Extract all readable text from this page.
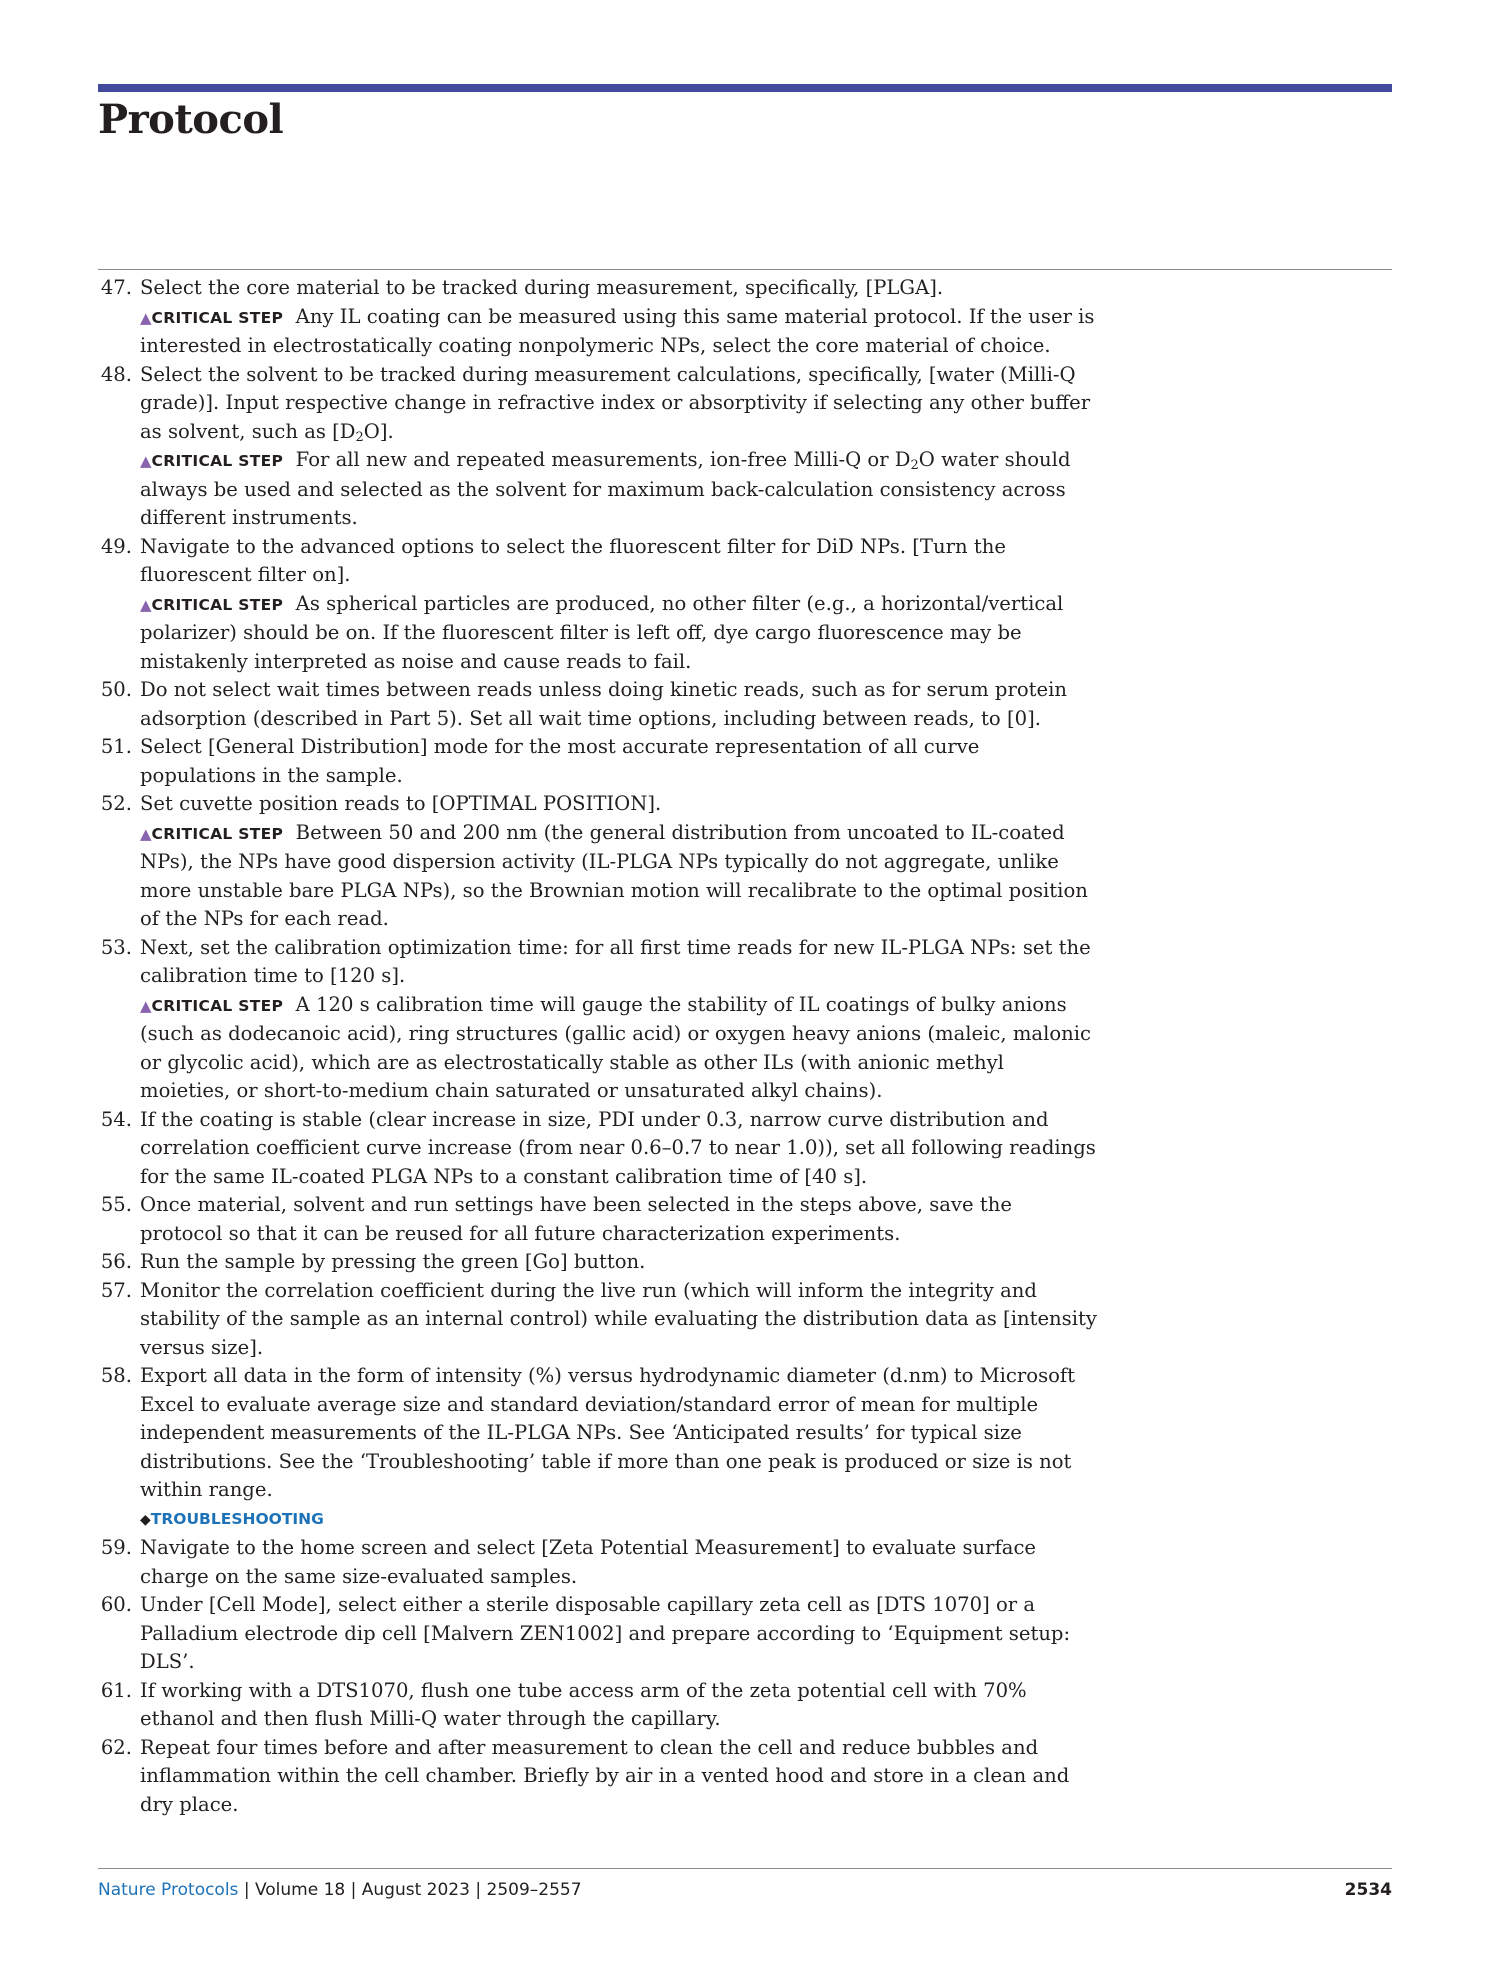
Protocol
47. Select the core material to be tracked during measurement, specifically, [PLGA].
▲CRITICAL STEP Any IL coating can be measured using this same material protocol. If the user is interested in electrostatically coating nonpolymeric NPs, select the core material of choice.
48. Select the solvent to be tracked during measurement calculations, specifically, [water (Milli-Q grade)]. Input respective change in refractive index or absorptivity if selecting any other buffer as solvent, such as $[D_2O]$.
▲CRITICAL STEP For all new and repeated measurements, ion-free Milli-Q or $D_2O$ water should always be used and selected as the solvent for maximum back-calculation consistency across different instruments.
49. Navigate to the advanced options to select the fluorescent filter for DiD NPs. [Turn the fluorescent filter on].
▲CRITICAL STEP As spherical particles are produced, no other filter (e.g., a horizontal/vertical polarizer) should be on. If the fluorescent filter is left off, dye cargo fluorescence may be mistakenly interpreted as noise and cause reads to fail.
50. Do not select wait times between reads unless doing kinetic reads, such as for serum protein adsorption (described in Part 5). Set all wait time options, including between reads, to [0].
51. Select [General Distribution] mode for the most accurate representation of all curve populations in the sample.
52. Set cuvette position reads to [OPTIMAL POSITION].
▲CRITICAL STEP Between 50 and 200 nm (the general distribution from uncoated to IL-coated NPs), the NPs have good dispersion activity (IL-PLGA NPs typically do not aggregate, unlike more unstable bare PLGA NPs), so the Brownian motion will recalibrate to the optimal position of the NPs for each read.
53. Next, set the calibration optimization time: for all first time reads for new IL-PLGA NPs: set the calibration time to [120 s].
▲CRITICAL STEP A 120 s calibration time will gauge the stability of IL coatings of bulky anions (such as dodecanoic acid), ring structures (gallic acid) or oxygen heavy anions (maleic, malonic or glycolic acid), which are as electrostatically stable as other ILs (with anionic methyl moieties, or short-to-medium chain saturated or unsaturated alkyl chains).
54. If the coating is stable (clear increase in size, PDI under 0.3, narrow curve distribution and correlation coefficient curve increase (from near 0.6–0.7 to near 1.0)), set all following readings for the same IL-coated PLGA NPs to a constant calibration time of [40 s].
55. Once material, solvent and run settings have been selected in the steps above, save the protocol so that it can be reused for all future characterization experiments.
56. Run the sample by pressing the green [Go] button.
57. Monitor the correlation coefficient during the live run (which will inform the integrity and stability of the sample as an internal control) while evaluating the distribution data as [intensity versus size].
58. Export all data in the form of intensity (%) versus hydrodynamic diameter (d.nm) to Microsoft Excel to evaluate average size and standard deviation/standard error of mean for multiple independent measurements of the IL-PLGA NPs. See ‘Anticipated results’ for typical size distributions. See the ‘Troubleshooting’ table if more than one peak is produced or size is not within range.
◆TROUBLESHOOTING
59. Navigate to the home screen and select [Zeta Potential Measurement] to evaluate surface charge on the same size-evaluated samples.
60. Under [Cell Mode], select either a sterile disposable capillary zeta cell as [DTS 1070] or a Palladium electrode dip cell [Malvern ZEN1002] and prepare according to ‘Equipment setup: DLS’.
61. If working with a DTS1070, flush one tube access arm of the zeta potential cell with 70% ethanol and then flush Milli-Q water through the capillary.
62. Repeat four times before and after measurement to clean the cell and reduce bubbles and inflammation within the cell chamber. Briefly by air in a vented hood and store in a clean and dry place.
Nature Protocols | Volume 18 | August 2023 | 2509–2557	2534
